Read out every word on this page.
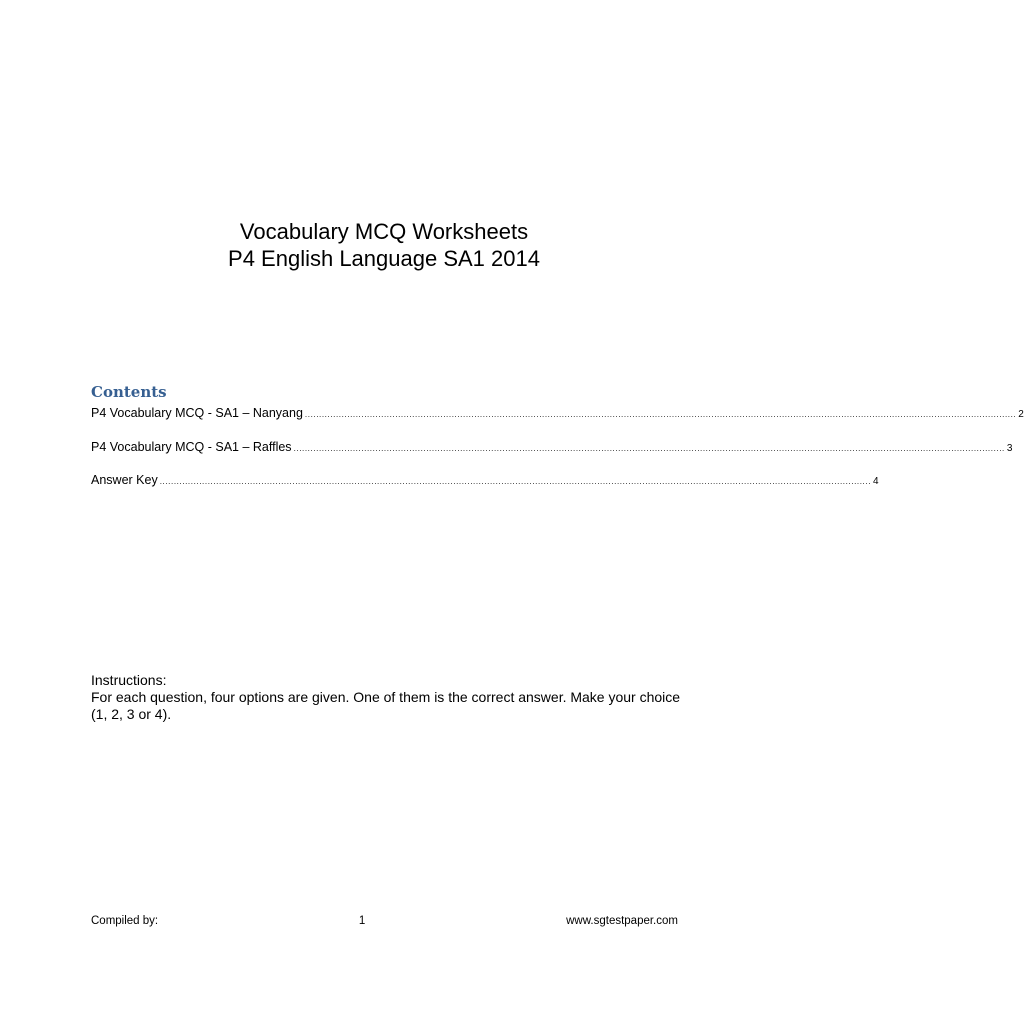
Vocabulary MCQ Worksheets
P4 English Language SA1 2014
Contents
P4 Vocabulary MCQ - SA1 – Nanyang ............................................................................................................................................................................................................................................................ 2
P4 Vocabulary MCQ - SA1 – Raffles ............................................................................................................................................................................................................................................................ 3
Answer Key ............................................................................................................................................................................................................................................................ 4

Instructions:

For each question, four options are given. One of them is the correct answer. Make your choice (1, 2, 3 or 4).

Compiled by:	1	www.sgtestpaper.com
